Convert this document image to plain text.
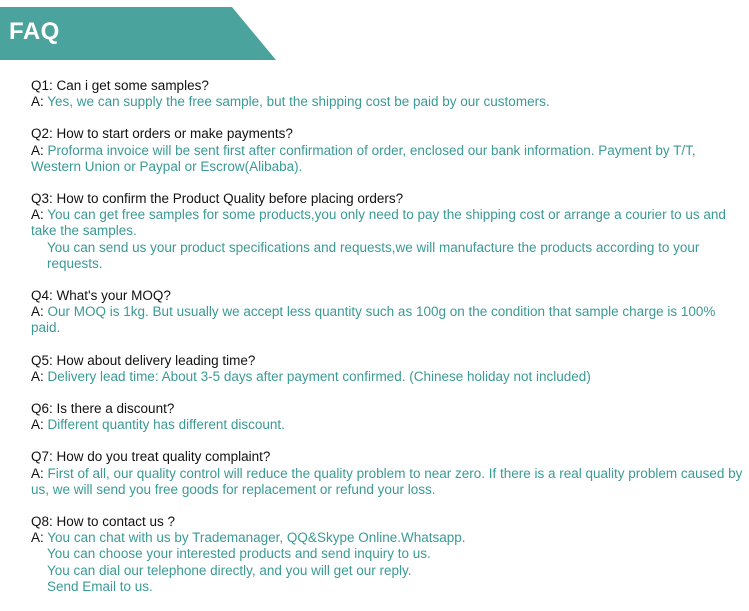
FAQ
Q1: Can i get some samples?
A: Yes, we can supply the free sample, but the shipping cost be paid by our customers.
Q2: How to start orders or make payments?
A: Proforma invoice will be sent first after confirmation of order, enclosed our bank information. Payment by T/T, Western Union or Paypal or Escrow(Alibaba).
Q3: How to confirm the Product Quality before placing orders?
A: You can get free samples for some products,you only need to pay the shipping cost or arrange a courier to us and take the samples.
You can send us your product specifications and requests,we will manufacture the products according to your requests.
Q4: What's your MOQ?
A: Our MOQ is 1kg. But usually we accept less quantity such as 100g on the condition that sample charge is 100% paid.
Q5: How about delivery leading time?
A: Delivery lead time: About 3-5 days after payment confirmed. (Chinese holiday not included)
Q6: Is there a discount?
A: Different quantity has different discount.
Q7: How do you treat quality complaint?
A: First of all, our quality control will reduce the quality problem to near zero. If there is a real quality problem caused by us, we will send you free goods for replacement or refund your loss.
Q8: How to contact us ?
A: You can chat with us by Trademanager, QQ&Skype Online.Whatsapp.
You can choose your interested products and send inquiry to us.
You can dial our telephone directly, and you will get our reply.
Send Email to us.
